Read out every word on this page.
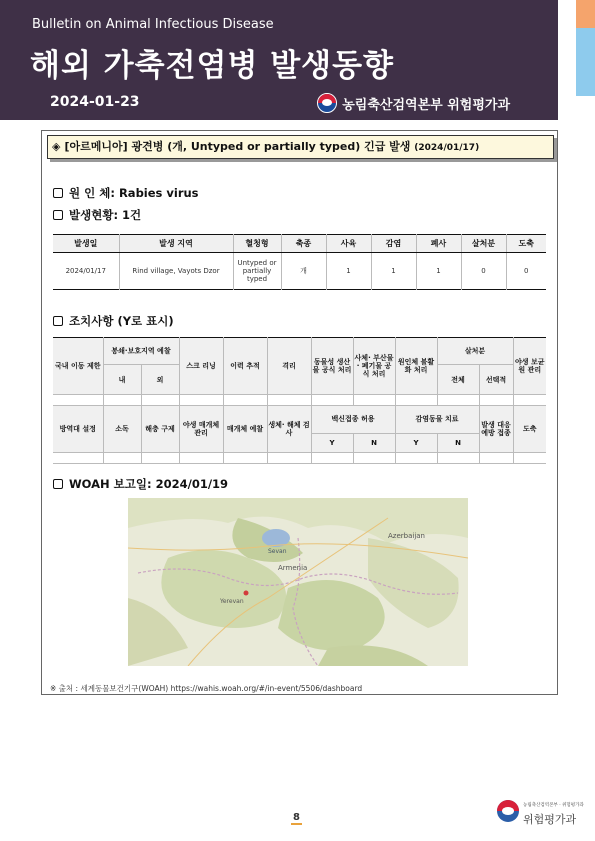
Bulletin on Animal Infectious Disease
해외 가축전염병 발생동향
2024-01-23	농림축산검역본부 위험평가과
◈ [아르메니아] 광견병 (개, Untyped or partially typed) 긴급 발생 (2024/01/17)
원 인 체: Rabies virus
발생현황: 1건
발생일	발생 지역	혈청형	축종	사육	감염	폐사	살처분	도축
2024/01/17	Rind village, Vayots Dzor	Untyped or partially typed	개	1	1	1	0	0
조치사항 (Y로 표시)
국내 이동 제한	봉쇄·보호지역 예찰		스크 리닝	이력 추적	격리	동물성 생산물 공식 처리	사체· 부산물· 폐기물 공식 처리	원인체 불활화 처리	살처분		야생 보균원 관리
	내	외							전체	선택적	

방역대 설정	소독	해충 구제	야생 매개체 관리	매개체 예찰	생체· 해체 검사	백신접종 허용		감염동물 치료		발생 대응 예방 접종	도축
						Y	N	Y	N		

WOAH 보고일: 2024/01/19
Azerbaijan
Armenia
Yerevan
Sevan
※ 출처 : 세계동물보건기구(WOAH) https://wahis.woah.org/#/in-event/5506/dashboard
8
농림축산검역본부 · 위험평가과
위험평가과
